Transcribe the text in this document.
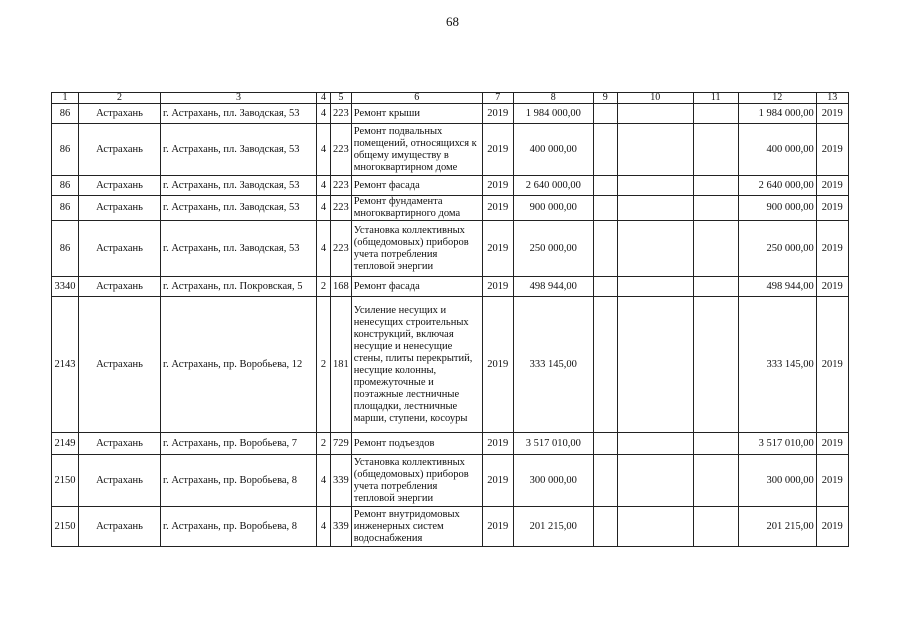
68
1	2	3	4	5	6	7	8	9	10	11	12	13
86	Астрахань	г. Астрахань, пл. Заводская, 53	4	223	Ремонт крыши	2019	1 984 000,00				1 984 000,00	2019
86	Астрахань	г. Астрахань, пл. Заводская, 53	4	223	Ремонт подвальных помещений, относящихся к общему имуществу в многоквартирном доме	2019	400 000,00				400 000,00	2019
86	Астрахань	г. Астрахань, пл. Заводская, 53	4	223	Ремонт фасада	2019	2 640 000,00				2 640 000,00	2019
86	Астрахань	г. Астрахань, пл. Заводская, 53	4	223	Ремонт фундамента многоквартирного дома	2019	900 000,00				900 000,00	2019
86	Астрахань	г. Астрахань, пл. Заводская, 53	4	223	Установка коллективных (общедомовых) приборов учета потребления тепловой энергии	2019	250 000,00				250 000,00	2019
3340	Астрахань	г. Астрахань, пл. Покровская, 5	2	168	Ремонт фасада	2019	498 944,00				498 944,00	2019
2143	Астрахань	г. Астрахань, пр. Воробьева, 12	2	181	Усиление несущих и ненесущих строительных конструкций, включая несущие и ненесущие стены, плиты перекрытий, несущие колонны, промежуточные и поэтажные лестничные площадки, лестничные марши, ступени, косоуры	2019	333 145,00				333 145,00	2019
2149	Астрахань	г. Астрахань, пр. Воробьева, 7	2	729	Ремонт подъездов	2019	3 517 010,00				3 517 010,00	2019
2150	Астрахань	г. Астрахань, пр. Воробьева, 8	4	339	Установка коллективных (общедомовых) приборов учета потребления тепловой энергии	2019	300 000,00				300 000,00	2019
2150	Астрахань	г. Астрахань, пр. Воробьева, 8	4	339	Ремонт внутридомовых инженерных систем водоснабжения	2019	201 215,00				201 215,00	2019
